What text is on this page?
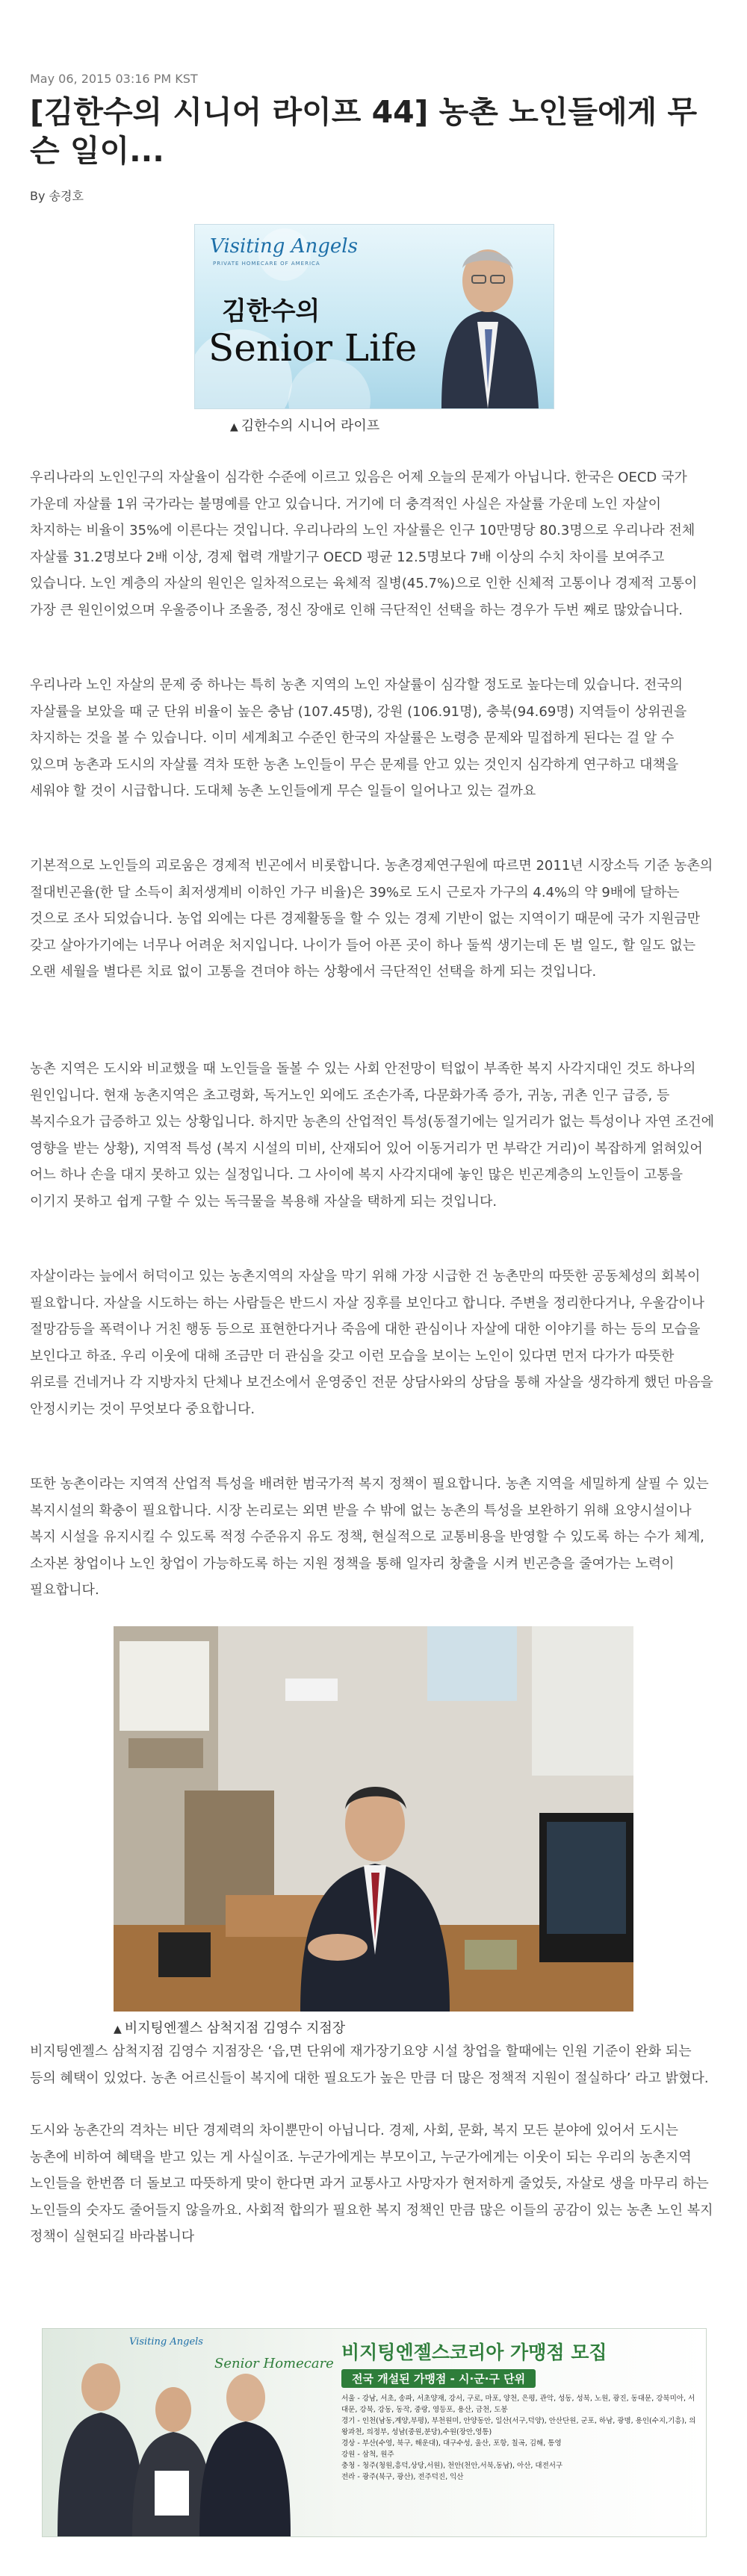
May 06, 2015 03:16 PM KST
[김한수의 시니어 라이프 44] 농촌 노인들에게 무슨 일이...
By 송경호
Visiting Angels
PRIVATE HOMECARE OF AMERICA
김한수의
Senior Life
▲ 김한수의 시니어 라이프

우리나라의 노인인구의 자살율이 심각한 수준에 이르고 있음은 어제 오늘의 문제가 아닙니다. 한국은 OECD 국가 가운데 자살률 1위 국가라는 불명예를 안고 있습니다. 거기에 더 충격적인 사실은 자살률 가운데 노인 자살이 차지하는 비율이 35%에 이른다는 것입니다. 우리나라의 노인 자살률은 인구 10만명당 80.3명으로 우리나라 전체 자살률 31.2명보다 2배 이상, 경제 협력 개발기구 OECD 평균 12.5명보다 7배 이상의 수치 차이를 보여주고 있습니다. 노인 계층의 자살의 원인은 일차적으로는 육체적 질병(45.7%)으로 인한 신체적 고통이나 경제적 고통이 가장 큰 원인이었으며 우울증이나 조울증, 정신 장애로 인해 극단적인 선택을 하는 경우가 두번 째로 많았습니다.

우리나라 노인 자살의 문제 중 하나는 특히 농촌 지역의 노인 자살률이 심각할 정도로 높다는데 있습니다. 전국의 자살률을 보았을 때 군 단위 비율이 높은 충남 (107.45명), 강원 (106.91명), 충북(94.69명) 지역들이 상위권을 차지하는 것을 볼 수 있습니다. 이미 세계최고 수준인 한국의 자살률은 노령층 문제와 밀접하게 된다는 걸 알 수 있으며 농촌과 도시의 자살률 격차 또한 농촌 노인들이 무슨 문제를 안고 있는 것인지 심각하게 연구하고 대책을 세워야 할 것이 시급합니다. 도대체 농촌 노인들에게 무슨 일들이 일어나고 있는 걸까요

기본적으로 노인들의 괴로움은 경제적 빈곤에서 비롯합니다. 농촌경제연구원에 따르면 2011년 시장소득 기준 농촌의 절대빈곤율(한 달 소득이 최저생계비 이하인 가구 비율)은 39%로 도시 근로자 가구의 4.4%의 약 9배에 달하는 것으로 조사 되었습니다. 농업 외에는 다른 경제활동을 할 수 있는 경제 기반이 없는 지역이기 때문에 국가 지원금만 갖고 살아가기에는 너무나 어려운 처지입니다. 나이가 들어 아픈 곳이 하나 둘씩 생기는데 돈 벌 일도, 할 일도 없는 오랜 세월을 별다른 치료 없이 고통을 견뎌야 하는 상황에서 극단적인 선택을 하게 되는 것입니다.

농촌 지역은 도시와 비교했을 때 노인들을 돌볼 수 있는 사회 안전망이 턱없이 부족한 복지 사각지대인 것도 하나의 원인입니다. 현재 농촌지역은 초고령화, 독거노인 외에도 조손가족, 다문화가족 증가, 귀농, 귀촌 인구 급증, 등 복지수요가 급증하고 있는 상황입니다. 하지만 농촌의 산업적인 특성(동절기에는 일거리가 없는 특성이나 자연 조건에 영향을 받는 상황), 지역적 특성 (복지 시설의 미비, 산재되어 있어 이동거리가 먼 부락간 거리)이 복잡하게 얽혀있어 어느 하나 손을 대지 못하고 있는 실정입니다. 그 사이에 복지 사각지대에 놓인 많은 빈곤계층의 노인들이 고통을 이기지 못하고 쉽게 구할 수 있는 독극물을 복용해 자살을 택하게 되는 것입니다.

자살이라는 늪에서 허덕이고 있는 농촌지역의 자살을 막기 위해 가장 시급한 건 농촌만의 따뜻한 공동체성의 회복이 필요합니다. 자살을 시도하는 하는 사람들은 반드시 자살 징후를 보인다고 합니다. 주변을 정리한다거나, 우울감이나 절망감등을 폭력이나 거친 행동 등으로 표현한다거나 죽음에 대한 관심이나 자살에 대한 이야기를 하는 등의 모습을 보인다고 하죠. 우리 이웃에 대해 조금만 더 관심을 갖고 이런 모습을 보이는 노인이 있다면 먼저 다가가 따뜻한 위로를 건네거나 각 지방자치 단체나 보건소에서 운영중인 전문 상담사와의 상담을 통해 자살을 생각하게 했던 마음을 안정시키는 것이 무엇보다 중요합니다.

또한 농촌이라는 지역적 산업적 특성을 배려한 범국가적 복지 정책이 필요합니다. 농촌 지역을 세밀하게 살필 수 있는 복지시설의 확충이 필요합니다. 시장 논리로는 외면 받을 수 밖에 없는 농촌의 특성을 보완하기 위해 요양시설이나 복지 시설을 유지시킬 수 있도록 적정 수준유지 유도 정책, 현실적으로 교통비용을 반영할 수 있도록 하는 수가 체계, 소자본 창업이나 노인 창업이 가능하도록 하는 지원 정책을 통해 일자리 창출을 시켜 빈곤층을 줄여가는 노력이 필요합니다.

▲ 비지팅엔젤스 삼척지점 김영수 지점장

비지팅엔젤스 삼척지점 김영수 지점장은 ‘읍,면 단위에 재가장기요양 시설 창업을 할때에는 인원 기준이 완화 되는 등의 혜택이 있었다. 농촌 어르신들이 복지에 대한 필요도가 높은 만큼 더 많은 정책적 지원이 절실하다’ 라고 밝혔다.

도시와 농촌간의 격차는 비단 경제력의 차이뿐만이 아닙니다. 경제, 사회, 문화, 복지 모든 분야에 있어서 도시는 농촌에 비하여 혜택을 받고 있는 게 사실이죠. 누군가에게는 부모이고, 누군가에게는 이웃이 되는 우리의 농촌지역 노인들을 한번쯤 더 돌보고 따뜻하게 맞이 한다면 과거 교통사고 사망자가 현저하게 줄었듯, 자살로 생을 마무리 하는 노인들의 숫자도 줄어들지 않을까요. 사회적 합의가 필요한 복지 정책인 만큼 많은 이들의 공감이 있는 농촌 노인 복지 정책이 실현되길 바라봅니다

Visiting Angels
Senior Homecare
비지팅엔젤스코리아 가맹점 모집
전국 개설된 가맹점 - 시·군·구 단위
서울 - 강남, 서초, 송파, 서초양재, 강서, 구로, 마포, 양천, 은평, 관악, 성동, 성북, 노원, 광진, 동대문, 강북미아, 서대문, 강북, 강동, 동작, 중랑, 영등포, 용산, 금천, 도봉
경기 - 인천(남동,계양,부평), 부천원미, 안양동안, 일산(서구,덕양), 안산단원, 군포, 하남, 광명, 용인(수지,기흥), 의왕과천, 의정부, 성남(중원,분당),수원(장안,영통)
경상 - 부산(수영, 북구, 해운대), 대구수성, 울산, 포항, 칠곡, 김해, 통영
강원 - 삼척, 원주
충청 - 청주(청원,흥덕,상당,서원), 천안(천안,서북,동남), 아산, 대전서구
전라 - 광주(북구, 광산), 전주덕진, 익산
